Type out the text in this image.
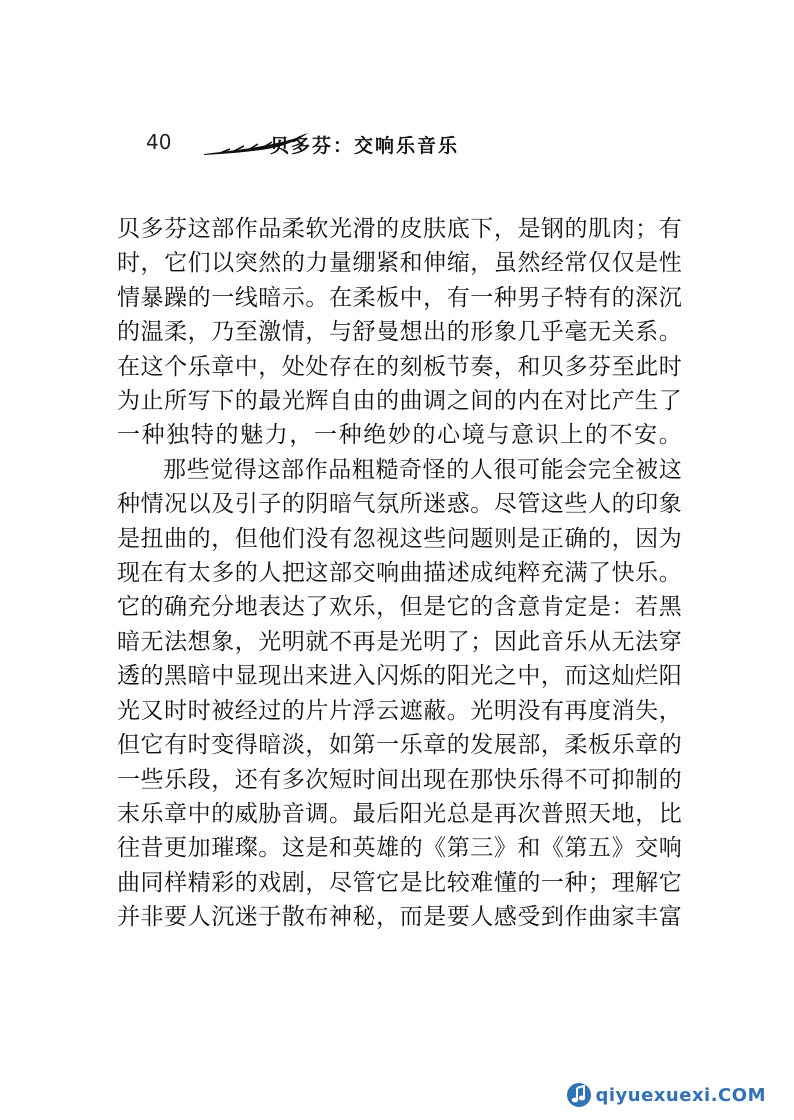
40	贝多芬：交响乐音乐

贝多芬这部作品柔软光滑的皮肤底下，是钢的肌肉；有时，它们以突然的力量绷紧和伸缩，虽然经常仅仅是性情暴躁的一线暗示。在柔板中，有一种男子特有的深沉的温柔，乃至激情，与舒曼想出的形象几乎毫无关系。在这个乐章中，处处存在的刻板节奏，和贝多芬至此时为止所写下的最光辉自由的曲调之间的内在对比产生了一种独特的魅力，一种绝妙的心境与意识上的不安。

那些觉得这部作品粗糙奇怪的人很可能会完全被这种情况以及引子的阴暗气氛所迷惑。尽管这些人的印象是扭曲的，但他们没有忽视这些问题则是正确的，因为现在有太多的人把这部交响曲描述成纯粹充满了快乐。它的确充分地表达了欢乐，但是它的含意肯定是：若黑暗无法想象，光明就不再是光明了；因此音乐从无法穿透的黑暗中显现出来进入闪烁的阳光之中，而这灿烂阳光又时时被经过的片片浮云遮蔽。光明没有再度消失，但它有时变得暗淡，如第一乐章的发展部，柔板乐章的一些乐段，还有多次短时间出现在那快乐得不可抑制的末乐章中的威胁音调。最后阳光总是再次普照天地，比往昔更加璀璨。这是和英雄的《第三》和《第五》交响曲同样精彩的戏剧，尽管它是比较难懂的一种；理解它并非要人沉迷于散布神秘，而是要人感受到作曲家丰富

qiyuexuexi.COM
